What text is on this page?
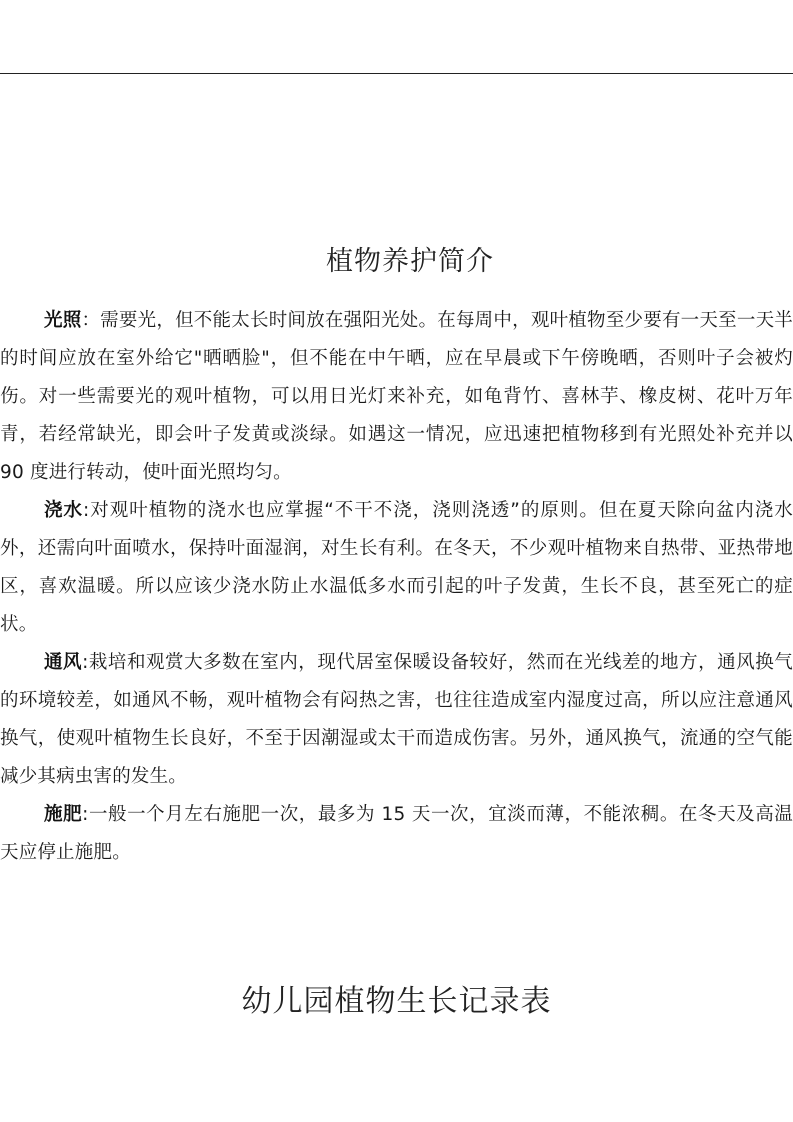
植物养护简介

光照：需要光，但不能太长时间放在强阳光处。在每周中，观叶植物至少要有一天至一天半的时间应放在室外给它"晒晒脸"，但不能在中午晒，应在早晨或下午傍晚晒，否则叶子会被灼伤。对一些需要光的观叶植物，可以用日光灯来补充，如龟背竹、喜林芋、橡皮树、花叶万年青，若经常缺光，即会叶子发黄或淡绿。如遇这一情况，应迅速把植物移到有光照处补充并以 90 度进行转动，使叶面光照均匀。

浇水:对观叶植物的浇水也应掌握“不干不浇，浇则浇透”的原则。但在夏天除向盆内浇水外，还需向叶面喷水，保持叶面湿润，对生长有利。在冬天，不少观叶植物来自热带、亚热带地区，喜欢温暖。所以应该少浇水防止水温低多水而引起的叶子发黄，生长不良，甚至死亡的症状。

通风:栽培和观赏大多数在室内，现代居室保暖设备较好，然而在光线差的地方，通风换气的环境较差，如通风不畅，观叶植物会有闷热之害，也往往造成室内湿度过高，所以应注意通风换气，使观叶植物生长良好，不至于因潮湿或太干而造成伤害。另外，通风换气，流通的空气能减少其病虫害的发生。

施肥:一般一个月左右施肥一次，最多为 15 天一次，宜淡而薄，不能浓稠。在冬天及高温天应停止施肥。

幼儿园植物生长记录表
